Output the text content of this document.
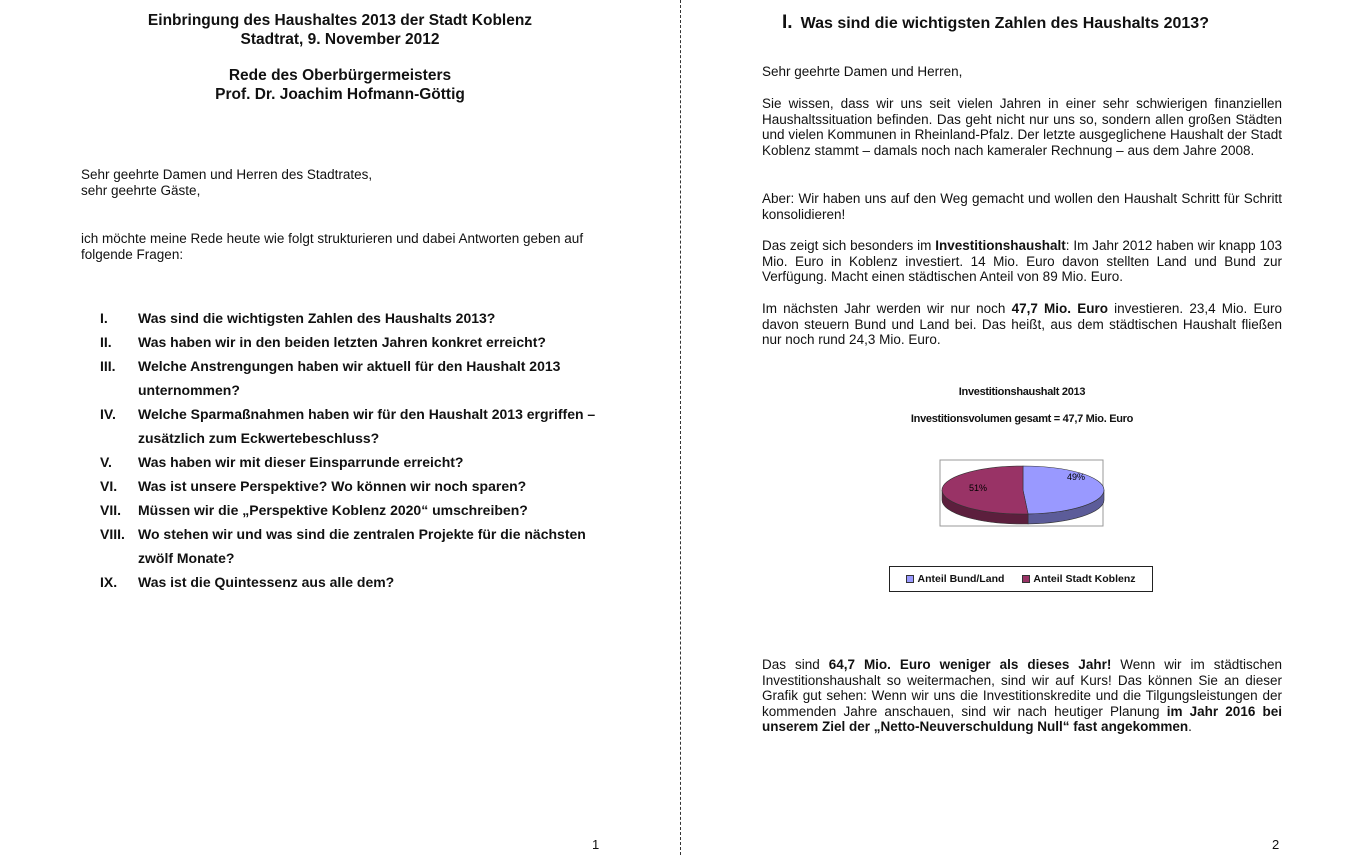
Einbringung des Haushaltes 2013 der Stadt Koblenz
Stadtrat, 9. November 2012
Rede des Oberbürgermeisters
Prof. Dr. Joachim Hofmann-Göttig
Sehr geehrte Damen und Herren des Stadtrates,
sehr geehrte Gäste,
ich möchte meine Rede heute wie folgt strukturieren und dabei Antworten geben auf
folgende Fragen:
I.	Was sind die wichtigsten Zahlen des Haushalts 2013?
II.	Was haben wir in den beiden letzten Jahren konkret erreicht?
III.	Welche Anstrengungen haben wir aktuell für den Haushalt 2013
unternommen?
IV.	Welche Sparmaßnahmen haben wir für den Haushalt 2013 ergriffen –
zusätzlich zum Eckwertebeschluss?
V.	Was haben wir mit dieser Einsparrunde erreicht?
VI.	Was ist unsere Perspektive? Wo können wir noch sparen?
VII.	Müssen wir die „Perspektive Koblenz 2020“ umschreiben?
VIII. Wo stehen wir und was sind die zentralen Projekte für die nächsten
zwölf Monate?
IX.	Was ist die Quintessenz aus alle dem?
1
I. Was sind die wichtigsten Zahlen des Haushalts 2013?
Sehr geehrte Damen und Herren,
Sie wissen, dass wir uns seit vielen Jahren in einer sehr schwierigen finanziellen Haushaltssituation befinden. Das geht nicht nur uns so, sondern allen großen Städten und vielen Kommunen in Rheinland-Pfalz. Der letzte ausgeglichene Haushalt der Stadt Koblenz stammt – damals noch nach kameraler Rechnung – aus dem Jahre 2008.
Aber: Wir haben uns auf den Weg gemacht und wollen den Haushalt Schritt für Schritt konsolidieren!
Das zeigt sich besonders im Investitionshaushalt: Im Jahr 2012 haben wir knapp 103 Mio. Euro in Koblenz investiert. 14 Mio. Euro davon stellten Land und Bund zur Verfügung. Macht einen städtischen Anteil von 89 Mio. Euro.
Im nächsten Jahr werden wir nur noch 47,7 Mio. Euro investieren. 23,4 Mio. Euro davon steuern Bund und Land bei. Das heißt, aus dem städtischen Haushalt fließen nur noch rund 24,3 Mio. Euro.
Investitionshaushalt 2013
Investitionsvolumen gesamt = 47,7 Mio. Euro
49%
51%
Anteil Bund/Land	Anteil Stadt Koblenz
Das sind 64,7 Mio. Euro weniger als dieses Jahr! Wenn wir im städtischen Investitionshaushalt so weitermachen, sind wir auf Kurs! Das können Sie an dieser Grafik gut sehen: Wenn wir uns die Investitionskredite und die Tilgungsleistungen der kommenden Jahre anschauen, sind wir nach heutiger Planung im Jahr 2016 bei unserem Ziel der „Netto-Neuverschuldung Null“ fast angekommen.
2
